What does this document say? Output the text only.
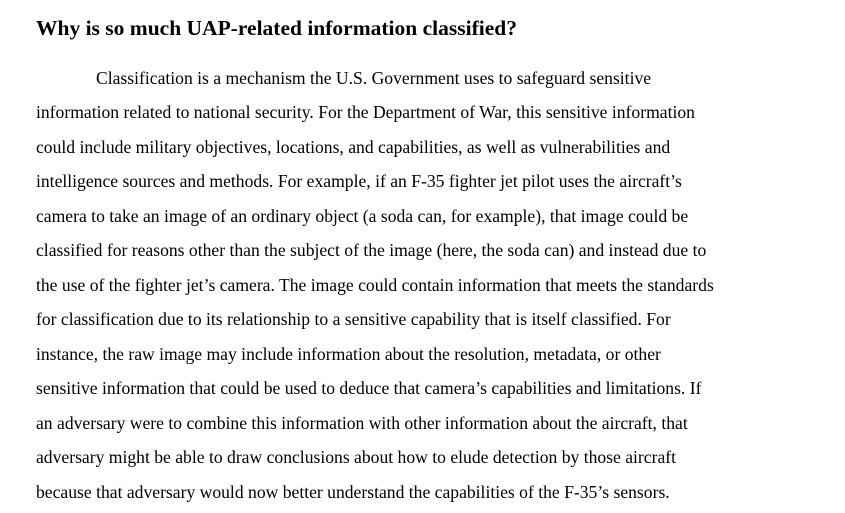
Why is so much UAP-related information classified?

Classification is a mechanism the U.S. Government uses to safeguard sensitive

information related to national security. For the Department of War, this sensitive information

could include military objectives, locations, and capabilities, as well as vulnerabilities and

intelligence sources and methods. For example, if an F-35 fighter jet pilot uses the aircraft’s

camera to take an image of an ordinary object (a soda can, for example), that image could be

classified for reasons other than the subject of the image (here, the soda can) and instead due to

the use of the fighter jet’s camera. The image could contain information that meets the standards

for classification due to its relationship to a sensitive capability that is itself classified. For

instance, the raw image may include information about the resolution, metadata, or other

sensitive information that could be used to deduce that camera’s capabilities and limitations. If

an adversary were to combine this information with other information about the aircraft, that

adversary might be able to draw conclusions about how to elude detection by those aircraft

because that adversary would now better understand the capabilities of the F-35’s sensors.
